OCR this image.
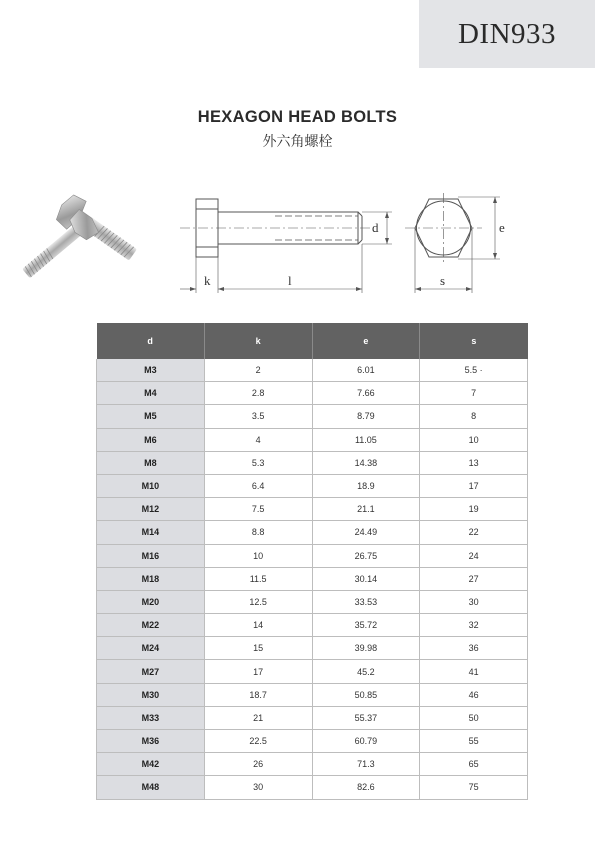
DIN933
HEXAGON HEAD BOLTS
外六角螺栓
k	l
d	e
s
d	k	e	s
M3	2	6.01	5.5 ·
M4	2.8	7.66	7
M5	3.5	8.79	8
M6	4	11.05	10
M8	5.3	14.38	13
M10	6.4	18.9	17
M12	7.5	21.1	19
M14	8.8	24.49	22
M16	10	26.75	24
M18	11.5	30.14	27
M20	12.5	33.53	30
M22	14	35.72	32
M24	15	39.98	36
M27	17	45.2	41
M30	18.7	50.85	46
M33	21	55.37	50
M36	22.5	60.79	55
M42	26	71.3	65
M48	30	82.6	75
